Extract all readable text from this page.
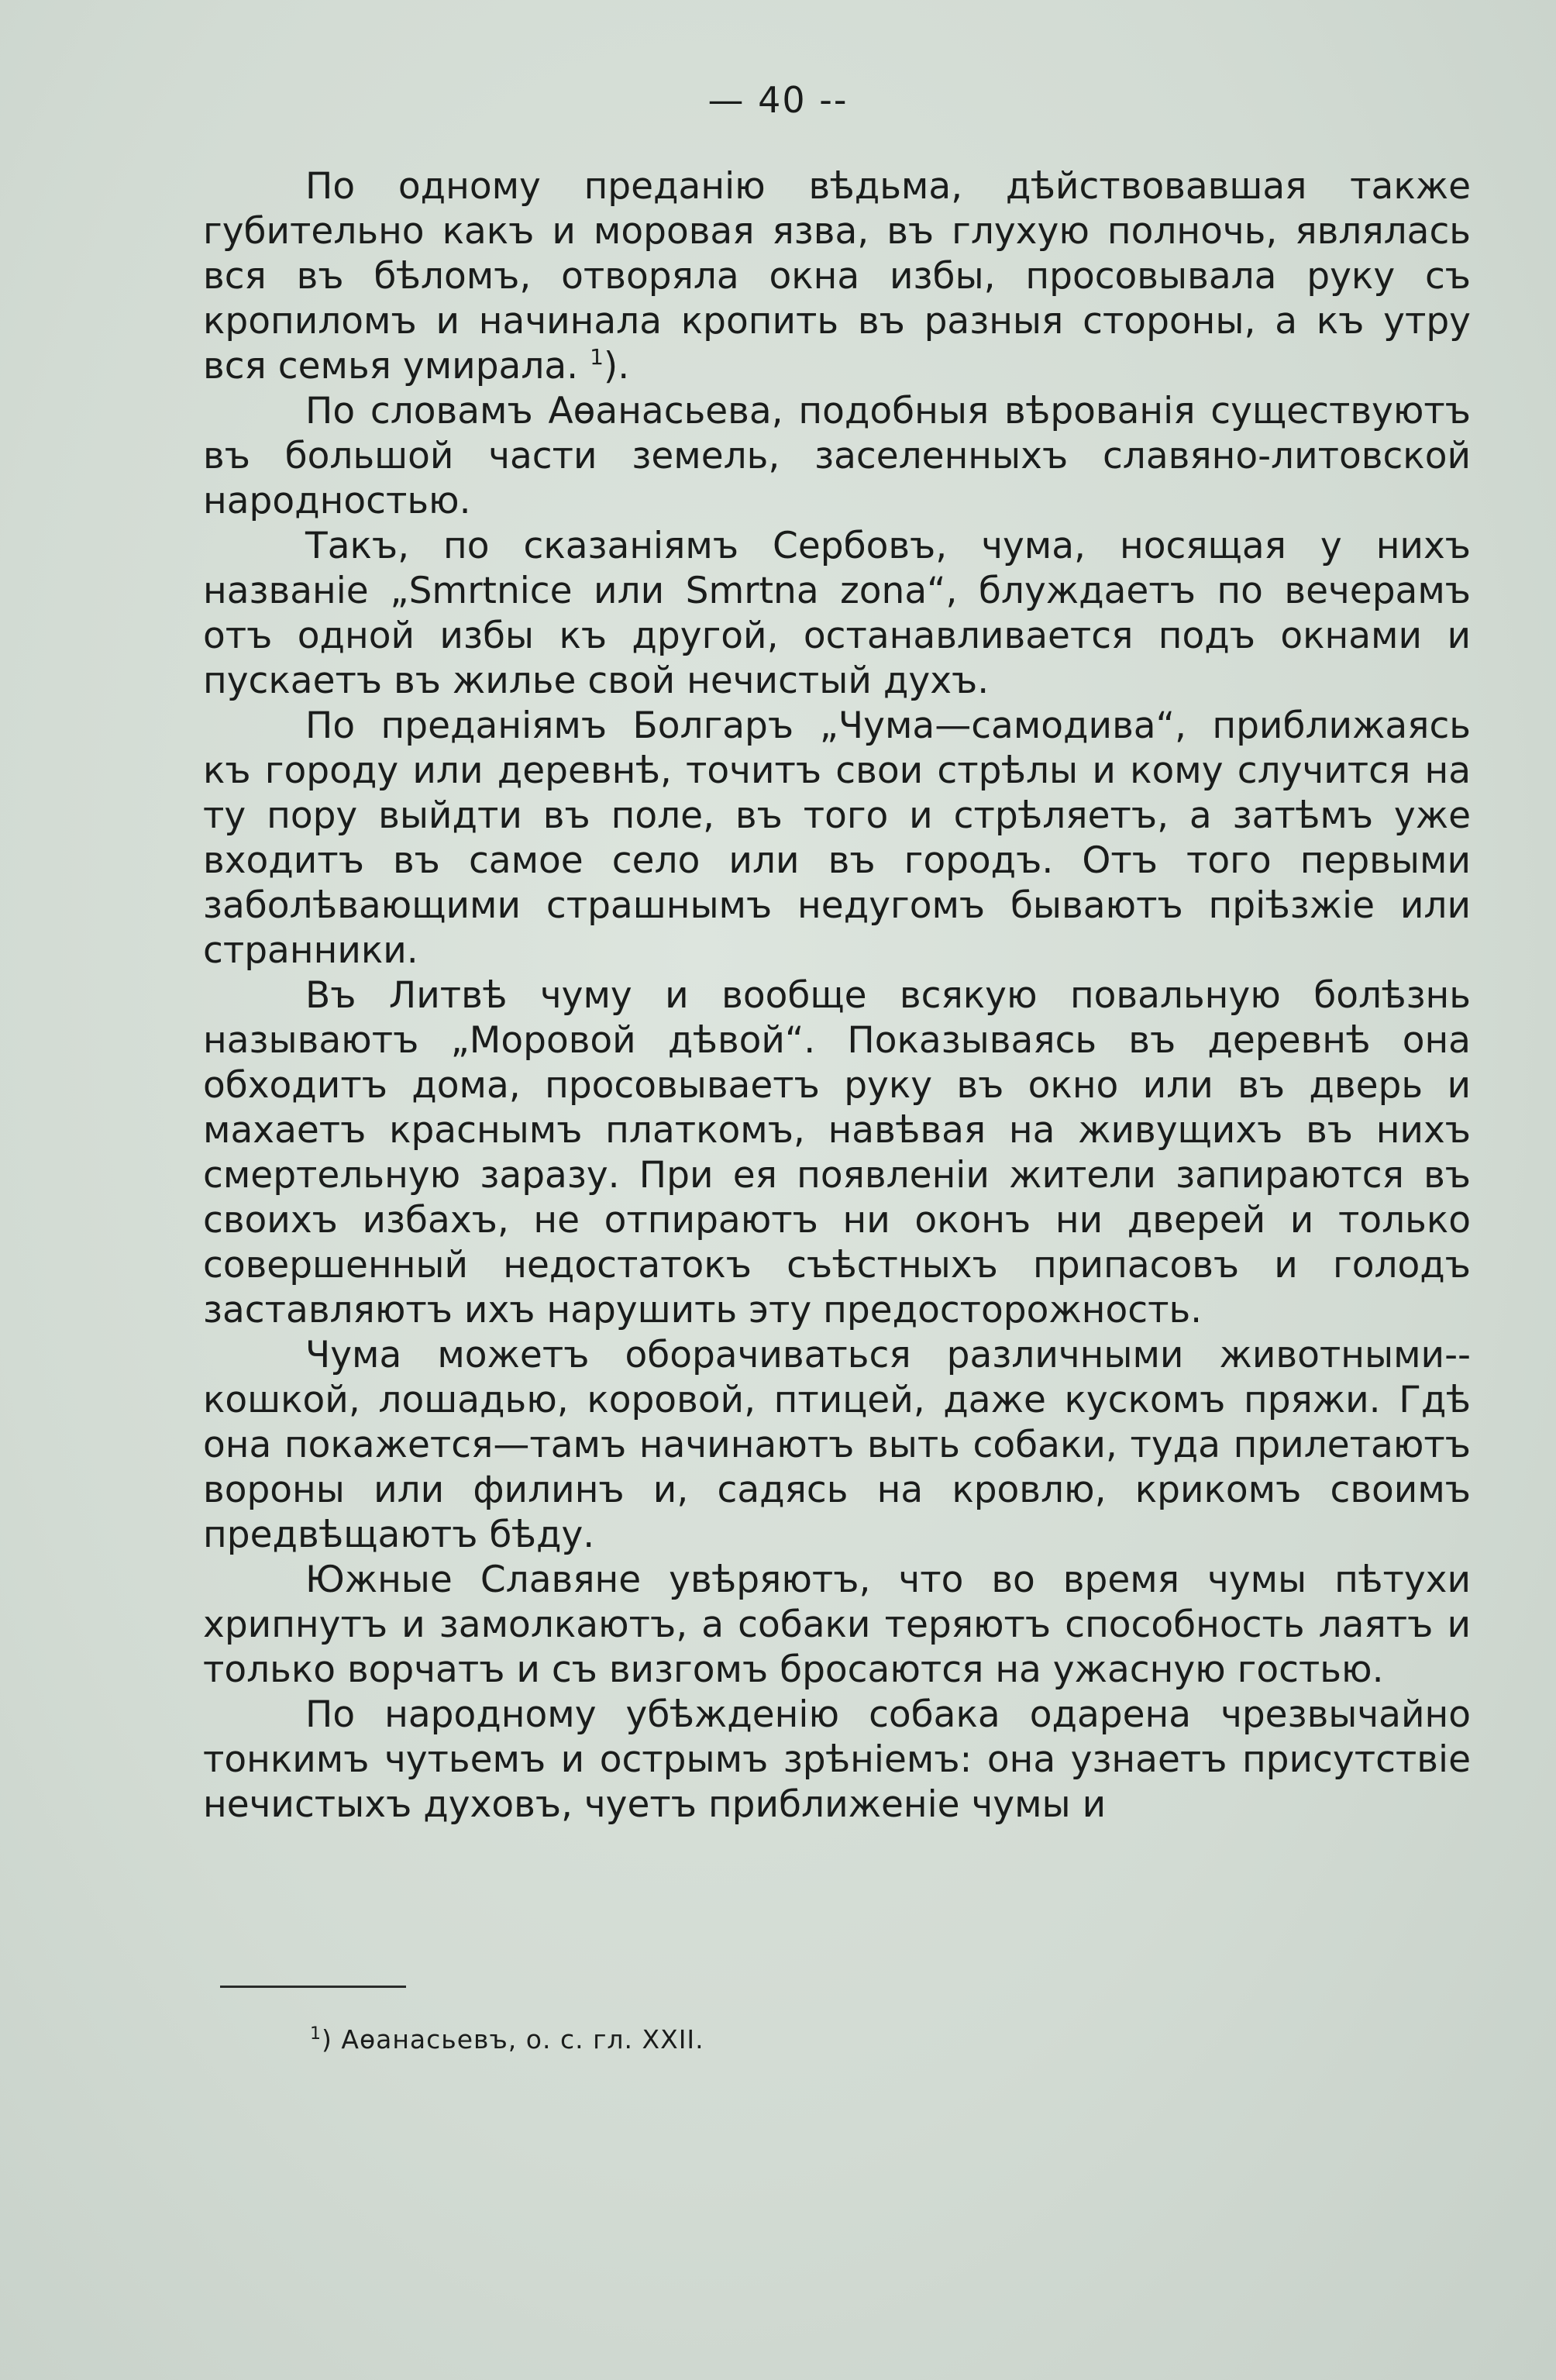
— 40 --

По одному преданію вѣдьма, дѣйствовавшая также губительно какъ и моровая язва, въ глухую полночь, являлась вся въ бѣломъ, отворяла окна избы, просовывала руку съ кропиломъ и начинала кропить въ разныя стороны, а къ утру вся семья умирала. $^1$).

По словамъ Аѳанасьева, подобныя вѣрованія существуютъ въ большой части земель, заселенныхъ славяно-литовской народностью.

Такъ, по сказаніямъ Сербовъ, чума, носящая у нихъ названіе „Smrtnice или Smrtna zona“, блуждаетъ по вечерамъ отъ одной избы къ другой, останавливается подъ окнами и пускаетъ въ жилье свой нечистый духъ.

По преданіямъ Болгаръ „Чума—самодива“, приближаясь къ городу или деревнѣ, точитъ свои стрѣлы и кому случится на ту пору выйдти въ поле, въ того и стрѣляетъ, а затѣмъ уже входитъ въ самое село или въ городъ. Отъ того первыми заболѣвающими страшнымъ недугомъ бываютъ пріѣзжіе или странники.

Въ Литвѣ чуму и вообще всякую повальную болѣзнь называютъ „Моровой дѣвой“. Показываясь въ деревнѣ она обходитъ дома, просовываетъ руку въ окно или въ дверь и махаетъ краснымъ платкомъ, навѣвая на живущихъ въ нихъ смертельную заразу. При ея появленіи жители запираются въ своихъ избахъ, не отпираютъ ни оконъ ни дверей и только совершенный недостатокъ съѣстныхъ припасовъ и голодъ заставляютъ ихъ нарушить эту предосторожность.

Чума можетъ оборачиваться различными животными-- кошкой, лошадью, коровой, птицей, даже кускомъ пряжи. Гдѣ она покажется—тамъ начинаютъ выть собаки, туда прилетаютъ вороны или филинъ и, садясь на кровлю, крикомъ своимъ предвѣщаютъ бѣду.

Южные Славяне увѣряютъ, что во время чумы пѣтухи хрипнутъ и замолкаютъ, а собаки теряютъ способность лаятъ и только ворчатъ и съ визгомъ бросаются на ужасную гостью.

По народному убѣжденію собака одарена чрезвычайно тонкимъ чутьемъ и острымъ зрѣніемъ: она узнаетъ присутствіе нечистыхъ духовъ, чуетъ приближеніе чумы и

$^1$) Аѳанасьевъ, о. с. гл. XXII.
